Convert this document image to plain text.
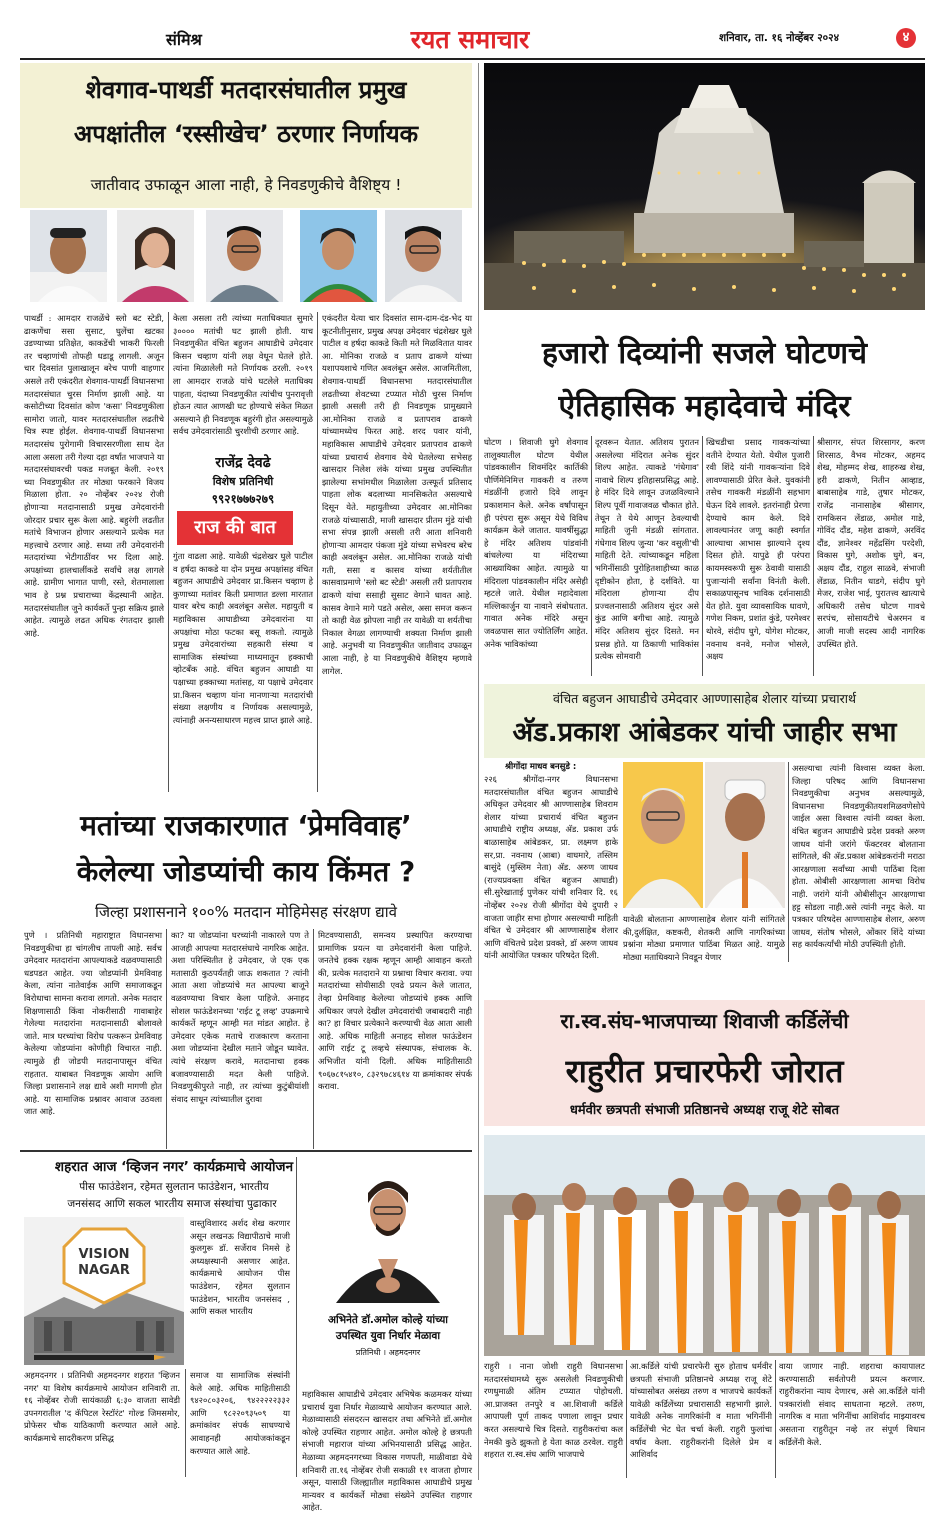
संमिश्र	रयत समाचार	शनिवार, ता. १६ नोव्हेंबर २०२४	४
शेवगाव-पाथर्डी मतदारसंघातील प्रमुख
अपक्षांतील ‘रस्सीखेच’ ठरणार निर्णायक
जातीवाद उफाळून आला नाही, हे निवडणुकीचे वैशिष्ट्य !
पाथर्डी : आमदार राजळेंचे स्लो बट स्टेडी, ढाकणेंचा ससा सुसाट, घुलेंचा खटका उडण्याच्या प्रतिक्षेत, काकडेंची भाकरी फिरली तर चव्हाणांची तोफही धडाडू लागली. अजून चार दिवसांत पुलाखालून बरेच पाणी वाहणार असले तरी एकंदरीत शेवगाव-पाथर्डी विधानसभा मतदारसंघात चुरस निर्माण झाली आहे. या कसोटीच्या दिवसांत कोण 'कसा' निवडणुकीला सामोरा जातो, यावर मतदारसंघातील लढतीचे चित्र स्पष्ट होईल. शेवगाव-पाथर्डी विधानसभा मतदारसंघ पुरोगामी विचारसरणीला साथ देत आला असला तरी गेल्या दहा वर्षांत भाजपाने या मतदारसंघावरची पकड मजबूत केली. २०१९ च्या निवडणुकीत तर मोठ्या फरकाने विजय मिळाला होता. २० नोव्हेंबर २०२४ रोजी होणाऱ्या मतदानासाठी प्रमुख उमेदवारांनी जोरदार प्रचार सुरू केला आहे. बहुरंगी लढतीत मतांचे विभाजन होणार असल्याने प्रत्येक मत महत्त्वाचे ठरणार आहे. सध्या तरी उमेदवारांनी मतदारांच्या भेटीगाठींवर भर दिला आहे. अपक्षांच्या हालचालींकडे सर्वांचे लक्ष लागले आहे. ग्रामीण भागात पाणी, रस्ते, शेतमालाला भाव हे प्रश्न प्रचाराच्या केंद्रस्थानी आहेत. मतदारसंघातील जुने कार्यकर्ते पुन्हा सक्रिय झाले आहेत. त्यामुळे लढत अधिक रंगतदार झाली आहे.
केला असला तरी त्यांच्या मताधिक्यात सुमारे ३०००० मतांची घट झाली होती. याच निवडणुकीत वंचित बहुजन आघाडीचे उमेदवार किसन चव्हाण यांनी लक्ष वेधून घेतले होते. त्यांना मिळालेली मते निर्णायक ठरली. २०१९ ला आमदार राजळे यांचे घटलेले मताधिक्य पाहता, यंदाच्या निवडणुकीत त्यांचीच पुनरावृत्ती होऊन त्यात आणखी घट होण्याचे संकेत मिळत असल्याने ही निवडणूक बहुरंगी होत असल्यामुळे सर्वच उमेदवारांसाठी चुरशीची ठरणार आहे.
राजेंद्र देवढे
विशेष प्रतिनिधी
९९२१७७७२७९
राज की बात
गुंता वाढला आहे. यावेळी चंद्रशेखर घुले पाटील व हर्षदा काकडे या दोन प्रमुख अपक्षांसह वंचित बहुजन आघाडीचे उमेदवार प्रा.किसन चव्हाण हे कुणाच्या मतांवर किती प्रमाणात डल्ला मारतात यावर बरेच काही अवलंबून असेल. महायुती व महाविकास आघाडीच्या उमेदवारांना या अपक्षांचा मोठा फटका बसू शकतो. त्यामुळे प्रमुख उमेदवारांच्या सहकारी संस्था व सामाजिक संस्थांच्या माध्यमातून हक्काची व्होटबँक आहे. वंचित बहुजन आघाडी या पक्षाच्या हक्काच्या मतांसह, या पक्षाचे उमेदवार प्रा.किसन चव्हाण यांना मानणाऱ्या मतदारांची संख्या लक्षणीय व निर्णायक असल्यामुळे, त्यांनाही अनन्यसाधारण महत्त्व प्राप्त झाले आहे.
एकंदरीत येत्या चार दिवसांत साम-दाम-दंड-भेद या कूटनीतीनुसार, प्रमुख अपक्ष उमेदवार चंद्रशेखर घुले पाटील व हर्षदा काकडे किती मते मिळवितात यावर आ. मोनिका राजळे व प्रताप ढाकणे यांच्या यशापयशाचे गणित अवलंबून असेल. आजमितीला, शेवगाव-पाथर्डी विधानसभा मतदारसंघातील लढतीच्या शेवटच्या टप्प्यात मोठी चुरस निर्माण झाली असली तरी ही निवडणूक प्रामुख्याने आ.मोनिका राजळे व प्रतापराव ढाकणे यांच्यामध्येच फिरत आहे. शरद पवार यांनी, महाविकास आघाडीचे उमेदवार प्रतापराव ढाकणे यांच्या प्रचारार्थ शेवगाव येथे घेतलेल्या सभेसह खासदार निलेश लंके यांच्या प्रमुख उपस्थितीत झालेल्या सभांमधील मिळालेला उत्स्फूर्त प्रतिसाद पाहता लोक बदलाच्या मानसिकतेत असल्याचे दिसून येते. महायुतीच्या उमेदवार आ.मोनिका राजळे यांच्यासाठी, माजी खासदार प्रीतम मुंडे यांची सभा संपन्न झाली असली तरी आता शनिवारी होणाऱ्या आमदार पंकजा मुंडे यांच्या सभेवरच बरेच काही अवलंबून असेल. आ.मोनिका राजळे यांची गती, ससा व कासव यांच्या शर्यतीतील कासवाप्रमाणे 'स्लो बट स्टेडी' असली तरी प्रतापराव ढाकणे यांचा ससाही सुसाट वेगाने धावत आहे. कासव वेगाने मागे पडते असेल, असा समज करून तो काही वेळ झोपला नाही तर यावेळी या शर्यतीचा निकाल वेगळा लागण्याची शक्यता निर्माण झाली आहे. अनुभवी या निवडणुकीत जातीवाद उफाळून आला नाही, हे या निवडणुकीचे वैशिष्ट्य म्हणावे लागेल.
हजारो दिव्यांनी सजले घोटणचे
ऐतिहासिक महादेवाचे मंदिर
घोटण । शिवाजी घुगे शेवगाव तालुक्यातील घोटण येथील पांडवकालीन शिवमंदिर कार्तिकी पौर्णिमेनिमित्त गावकरी व तरुण मंडळींनी हजारो दिवे लावून प्रकाशमान केले. अनेक वर्षांपासून ही परंपरा सुरू असून येथे विविध कार्यक्रम केले जातात. यावर्षीसुद्धा हे मंदिर अतिशय पांडवांनी बांधलेल्या या मंदिराच्या आख्यायिका आहेत. त्यामुळे या मंदिराला पांडवकालीन मंदिर असेही म्हटले जाते. येथील महादेवाला मल्लिकार्जुन या नावाने संबोधतात. गावात अनेक मंदिरे असून जवळपास सात ज्योतिर्लिंग आहेत. अनेक भाविकांच्या
दूरवरून येतात. अतिशय पुरातन असलेल्या मंदिरात अनेक सुंदर शिल्प आहेत. त्याकडे 'गंधेगाव' नावाचे शिल्प इतिहासप्रसिद्ध आहे. हे मंदिर दिवे लावून उजळविल्याने शिल्प पूर्वी गावाजवळ चौकात होते. तेथून ते येथे आणून ठेवल्याची माहिती जुनी मंडळी सांगतात. गंधेगाव शिल्प जुन्या 'कर वसुली'ची माहिती देते. त्यांच्याकडून महिला भगिनींसाठी पुरोहितशाहीच्या काळ दृष्टीकोन होता, हे दर्शविते. या मंदिराला होणाऱ्या दीप प्रज्वलनासाठी अतिशय सुंदर असे कुंड आणि बगीचा आहे. त्यामुळे मंदिर अतिशय सुंदर दिसते. मन प्रसन्न होते. या ठिकाणी भाविकांस प्रत्येक सोमवारी
खिचडीचा प्रसाद गावकऱ्यांच्या वतीने देण्यात येतो. येथील पुजारी रवी शिंदे यांनी गावकऱ्यांना दिवे लावण्यासाठी प्रेरित केले. युवकांनी तसेच गावकरी मंडळींनी सहभाग घेऊन दिवे लावले. इतरांनाही प्रेरणा देण्याचे काम केले. दिवे लावल्यानंतर जणू काही स्वर्गात आल्याचा आभास झाल्याने दृश्य दिसत होते. यापुढे ही परंपरा कायमस्वरूपी सुरू ठेवावी यासाठी पुजाऱ्यांनी सर्वांना विनंती केली. सकाळपासूनच भाविक दर्शनासाठी येत होते. युवा व्यावसायिक धावणे, गणेश निकम, प्रशांत कुंडे, परमेश्वर थोरवे, संदीप घुगे, योगेश मोटकर, नवनाथ वनवे, मनोज भोसले, अक्षय
श्रीसागर, संपत शिरसागर, करण शिरसाठ, वैभव मोटकर, अहमद शेख, मोहम्मद शेख, शाहरुख शेख, हरी ढाकणे, नितीन आव्हाड, बाबासाहेब गाडे, तुषार मोटकर, राजेंद्र नानासाहेब श्रीसागर, रामकिसन लेंडाळ, अमोल गाडे, गोविंद दौंड, महेश ढाकणे, अरविंद दौंड, ज्ञानेश्वर महेंद्रसिंग परदेशी, विकास घुगे, अशोक घुगे, बन, अक्षय दौंड, राहुल साळवे, संभाजी लेंडाळ, नितीन धाडगे, संदीप घुगे मेजर, राजेश भाई, पुरातत्त्व खात्याचे अधिकारी तसेच घोटण गावचे सरपंच, सोसायटीचे चेअरमन व आजी माजी सदस्य आदी नागरिक उपस्थित होते.
वंचित बहुजन आघाडीचे उमेदवार आण्णासाहेब शेलार यांच्या प्रचारार्थ
अ‍ॅड.प्रकाश आंबेडकर यांची जाहीर सभा
श्रीगोंदा माधव बनसुडे :
२२६ श्रीगोंदा-नगर विधानसभा मतदारसंघातील वंचित बहुजन आघाडीचे अधिकृत उमेदवार श्री आण्णासाहेब शिवराम शेलार यांच्या प्रचारार्थ वंचित बहुजन आघाडीचे राष्ट्रीय अध्यक्ष, अ‍ॅड. प्रकाश उर्फ बाळासाहेब आंबेडकर, प्रा. लक्ष्मण हाके सर,प्रा. नवनाथ (आबा) वाघमारे, तस्लिम बासुंदे (मुस्लिम नेता) अ‍ॅड. अरुण जाधव (राज्यप्रवक्ता वंचित बहुजन आघाडी) सी.सुरेखाताई पुणेकर यांची शनिवार दि. १६ नोव्हेंबर २०२४ रोजी श्रीगोंदा येथे दुपारी २ वाजता जाहीर सभा होणार असल्याची माहिती वंचित चे उमेदवार श्री आण्णासाहेब शेलार आणि वंचितचे प्रदेश प्रवक्ते, डॉ अरुण जाधव यांनी आयोजित पत्रकार परिषदेत दिली.
यावेळी बोलताना आण्णासाहेब शेलार यांनी सांगितले की,दुर्लक्षित, कष्टकरी, शेतकरी आणि नागरिकांच्या प्रश्नांना मोठ्या प्रमाणात पाठिंबा मिळत आहे. यामुळे मोठ्या मताधिक्याने निवडून येणार
असल्याचा त्यांनी विश्वास व्यक्त केला. जिल्हा परिषद आणि विधानसभा निवडणुकीचा अनुभव असल्यामुळे, विधानसभा निवडणुकीतयशमिळवणेसोपे जाईल असा विश्वास त्यांनी व्यक्त केला. वंचित बहुजन आघाडीचे प्रदेश प्रवक्ते अरुण जाधव यांनी जरांगे फॅक्टरवर बोलताना सांगितले, की अ‍ॅड.प्रकाश आंबेडकरांनी मराठा आरक्षणाला सर्वांच्या आधी पाठिंबा दिला होता. ओबीसी आरक्षणाला आमचा विरोध नाही. जरांगे यांनी ओबीसीतून आरक्षणाचा हट्ट सोडला नाही.असे त्यांनी नमूद केले. या पत्रकार परिषदेस आण्णासाहेब शेलार, अरुण जाधव, संतोष भोसले, ओंकार शिंदे यांच्या सह कार्यकर्त्यांची मोठी उपस्थिती होती.
मतांच्या राजकारणात ‘प्रेमविवाह’
केलेल्या जोडप्यांची काय किंमत ?
जिल्हा प्रशासनाने १००% मतदान मोहिमेसह संरक्षण द्यावे
पुणे । प्रतिनिधी महाराष्ट्रात विधानसभा निवडणुकीचा हा चांगलीच तापली आहे. सर्वच उमेदवार मतदारांना आपल्याकडे वळवण्यासाठी धडपडत आहेत. ज्या जोडप्यांनी प्रेमविवाह केला, त्यांना नातेवाईक आणि समाजाकडून विरोधाचा सामना करावा लागतो. अनेक मतदार शिक्षणासाठी किंवा नोकरीसाठी गावाबाहेर गेलेल्या मतदारांना मतदानासाठी बोलावले जाते. मात्र घरच्यांचा विरोध पत्करून प्रेमविवाह केलेल्या जोडप्यांना कोणीही विचारत नाही. त्यामुळे ही जोडपी मतदानापासून वंचित राहतात. याबाबत निवडणूक आयोग आणि जिल्हा प्रशासनाने लक्ष द्यावे अशी मागणी होत आहे. या सामाजिक प्रश्नावर आवाज उठवला जात आहे.
का? या जोडप्यांना घरच्यांनी नाकारले पण ते आजही आपल्या मतदारसंघाचे नागरिक आहेत. अशा परिस्थितीत हे उमेदवार, जे एक एक मतासाठी कुठपर्यंतही जाऊ शकतात ? त्यांनी आता अशा जोडप्यांचे मत आपल्या बाजूने वळवण्याचा विचार केला पाहिजे. अनाहद सोशल फाऊंडेशनच्या 'राईट टू लव्ह' उपक्रमाचे कार्यकर्ते म्हणून आम्ही मत मांडत आहोत. हे उमेदवार एकेक मताचे राजकारण करताना अशा जोडप्यांना देखील मताने जोडून घ्यावेत. त्यांचे संरक्षण करावे, मतदानाचा हक्क बजावण्यासाठी मदत केली पाहिजे. निवडणुकीपुरते नाही, तर त्यांच्या कुटुंबीयांशी संवाद साधून त्यांच्यातील दुरावा
मिटवण्यासाठी, समन्वय प्रस्थापित करण्याचा प्रामाणिक प्रयत्न या उमेदवारांनी केला पाहिजे. जनतेचे हक्क रक्षक म्हणून आम्ही आवाहन करतो की, प्रत्येक मतदाराने या प्रश्नाचा विचार करावा. ज्या मतदारांच्या सोयीसाठी एवढे प्रयत्न केले जातात, तेव्हा प्रेमविवाह केलेल्या जोडप्यांचे हक्क आणि अधिकार जपले देखील उमेदवारांची जबाबदारी नाही का? हा विचार प्रत्येकाने करण्याची वेळ आता आली आहे. अधिक माहिती अनाहद सोशल फाऊंडेशन आणि राईट टू लव्हचे संस्थापक, संचालक के. अभिजीत यांनी दिली. अधिक माहितीसाठी ९०६७८१५४१०, ८३२९७८४६१४ या क्रमांकावर संपर्क करावा.
शहरात आज ‘व्हिजन नगर’ कार्यक्रमाचे आयोजन
पीस फाउंडेशन, रहेमत सुलतान फाउंडेशन, भारतीय
जनसंसद आणि सकल भारतीय समाज संस्थांचा पुढाकार
VISION
NAGAR
वास्तुविशारद अर्शद शेख करणार असून लखनऊ विद्यापीठाचे माजी कुलगुरू डॉ. सर्जेराव निमसे हे अध्यक्षस्थानी असणार आहेत. कार्यक्रमाचे आयोजन पीस फाउंडेशन, रहेमत सुलतान फाउंडेशन, भारतीय जनसंसद , आणि सकल भारतीय
अहमदनगर । प्रतिनिधी अहमदनगर शहरात 'व्हिजन नगर' या विशेष कार्यक्रमाचे आयोजन शनिवारी ता. १६ नोव्हेंबर रोजी सायंकाळी ६:३० वाजता सावेडी उपनगरातील 'द कॅपिटल रेस्टॉरंट' गोल्ड जिमसमोर, प्रोफेसर चौक याठिकाणी करण्यात आले आहे. कार्यक्रमाचे सादरीकरण प्रसिद्ध
समाज या सामाजिक संस्थांनी केले आहे. अधिक माहितीसाठी ९४२०८०३२०६, ९४२२२२२३३२ आणि ९८२२०९३५०९ या क्रमांकांवर संपर्क साधण्याचे आवाहनही आयोजकांकडून करण्यात आले आहे.
अभिनेते डॉ.अमोल कोल्हे यांच्या
उपस्थित युवा निर्धार मेळावा
प्रतिनिधी । अहमदनगर
महाविकास आघाडीचे उमेदवार अभिषेक कळमकर यांच्या प्रचारार्थ युवा निर्धार मेळाव्याचे आयोजन करण्यात आले. मेळाव्यासाठी संसदरत्न खासदार तथा अभिनेते डॉ.अमोल कोल्हे उपस्थित राहणार आहेत. अमोल कोल्हे हे छत्रपती संभाजी महाराज यांच्या अभिनयासाठी प्रसिद्ध आहेत. मेळाव्या अहमदनगरच्या विकास गणपती, माळीवाडा येथे शनिवारी ता.१६ नोव्हेंबर रोजी सकाळी ११ वाजता होणार असून, यासाठी जिल्ह्यातील महाविकास आघाडीचे प्रमुख मान्यवर व कार्यकर्ते मोठ्या संख्येने उपस्थित राहणार आहेत.
रा.स्व.संघ-भाजपाच्या शिवाजी कर्डिलेंची
राहुरीत प्रचारफेरी जोरात
धर्मवीर छत्रपती संभाजी प्रतिष्ठानचे अध्यक्ष राजू शेटे सोबत
राहुरी । नाना जोशी राहुरी विधानसभा मतदारसंघामध्ये सुरू असलेली निवडणुकीची रणधुमाळी अंतिम टप्प्यात पोहोचली. आ.प्राजक्त तनपुरे व आ.शिवाजी कर्डिले आपापली पूर्ण ताकद पणाला लावून प्रचार करत असल्याचे चित्र दिसते. राहुरीकरांचा कल नेमकी कुठे झुकतो हे येता काळ ठरवेल. राहुरी शहरात रा.स्व.संघ आणि भाजपाचे
आ.कर्डिले यांची प्रचारफेरी सुरु होताच धर्मवीर छत्रपती संभाजी प्रतिष्ठानचे अध्यक्ष राजू शेटे यांच्यासोबत असंख्य तरुण व भाजपचे कार्यकर्ते यावेळी कर्डिलेंच्या प्रचारासाठी सहभागी झाले. यावेळी अनेक नागरिकांनी व माता भगिनींनी कर्डिलेंची भेट घेत चर्चा केली. राहुरी फुलांचा वर्षाव केला. राहुरीकरांनी दिलेले प्रेम व आशिर्वाद
वाया जाणार नाही. शहराचा कायापालट करण्यासाठी सर्वतोपरी प्रयत्न करणार. राहुरीकरांना न्याय देणारच, असे आ.कर्डिले यांनी पत्रकारांशी संवाद साधताना म्हटले. तरुण, नागरिक व माता भगिनींचा आशिर्वाद माझ्यावरच असताना राहुरीतून नव्हे तर संपूर्ण विधान कर्डिलेंनी केले.
